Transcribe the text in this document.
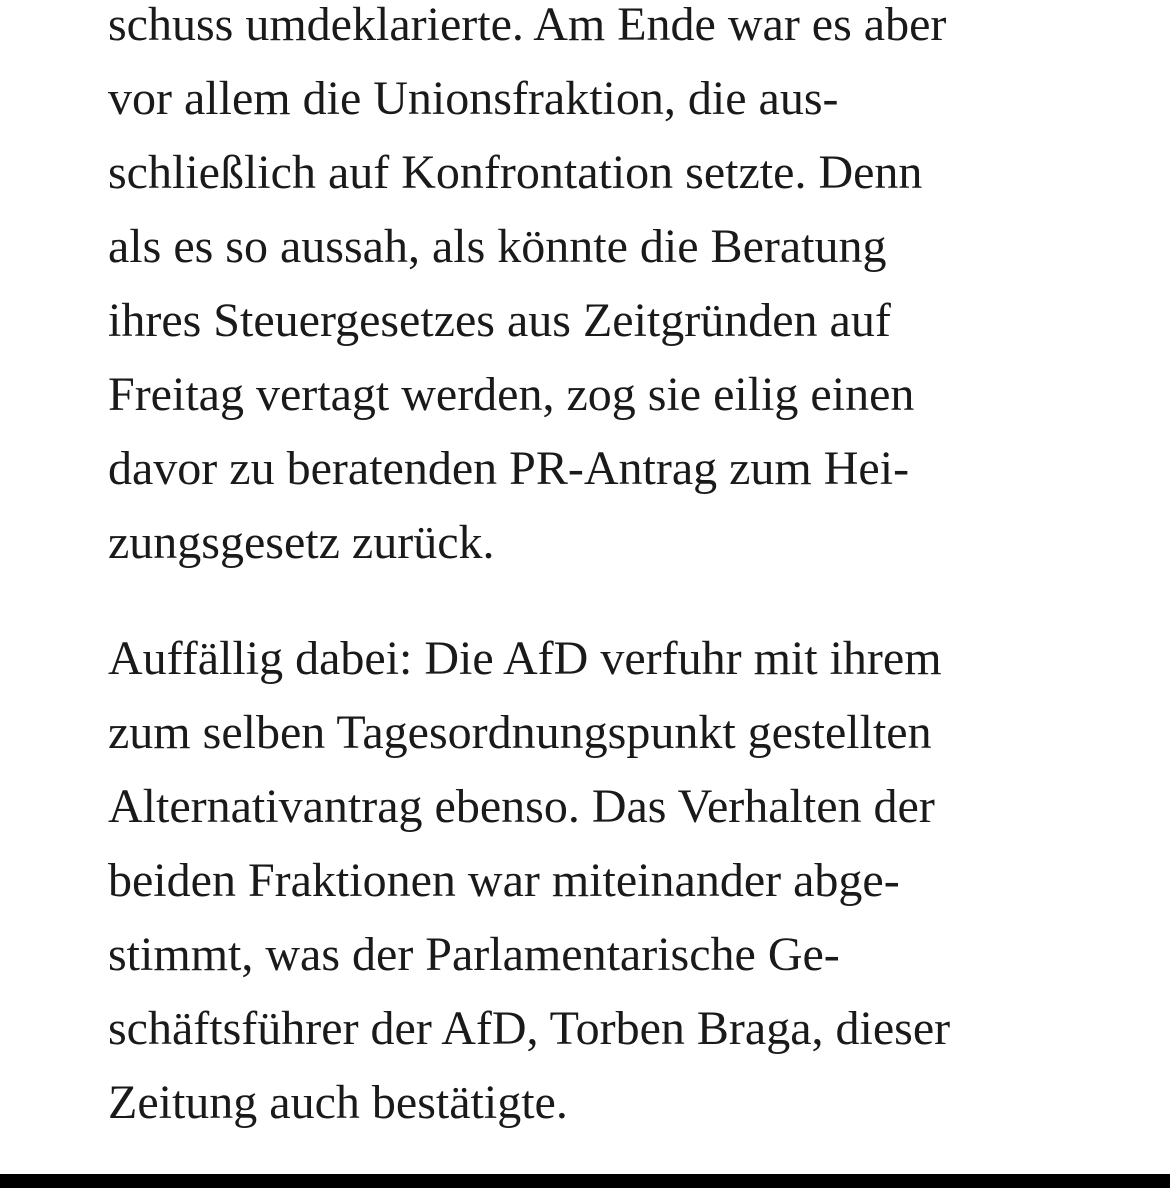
schuss umdeklarierte. Am Ende war es aber
vor allem die Unionsfraktion, die aus-
schließlich auf Konfrontation setzte. Denn
als es so aussah, als könnte die Beratung
ihres Steuergesetzes aus Zeitgründen auf
Freitag vertagt werden, zog sie eilig einen
davor zu beratenden PR-Antrag zum Hei-
zungsgesetz zurück.

Auffällig dabei: Die AfD verfuhr mit ihrem
zum selben Tagesordnungspunkt gestellten
Alternativantrag ebenso. Das Verhalten der
beiden Fraktionen war miteinander abge-
stimmt, was der Parlamentarische Ge-
schäftsführer der AfD, Torben Braga, dieser
Zeitung auch bestätigte.
